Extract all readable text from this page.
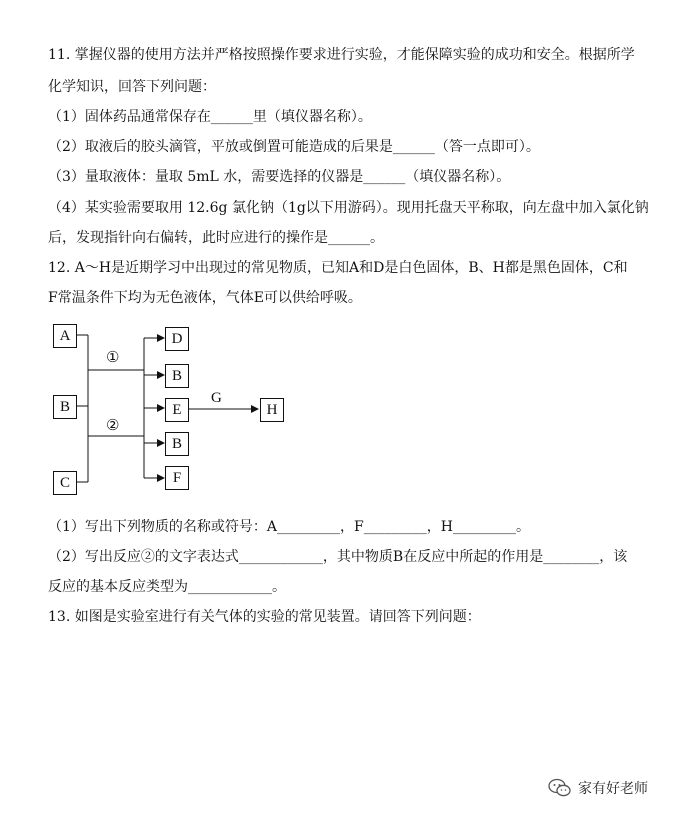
11. 掌握仪器的使用方法并严格按照操作要求进行实验，才能保障实验的成功和安全。根据所学
化学知识，回答下列问题：
（1）固体药品通常保存在______里（填仪器名称）。
（2）取液后的胶头滴管，平放或倒置可能造成的后果是______（答一点即可）。
（3）量取液体：量取 5mL 水，需要选择的仪器是______（填仪器名称）。
（4）某实验需要取用 12.6g 氯化钠（1g以下用游码）。现用托盘天平称取，向左盘中加入氯化钠
后，发现指针向右偏转，此时应进行的操作是______。
12. A～H是近期学习中出现过的常见物质，已知A和D是白色固体，B、H都是黑色固体，C和
F常温条件下均为无色液体，气体E可以供给呼吸。
A
B
C
D
B
E
B
F
H
①
②
G
（1）写出下列物质的名称或符号：A_________，F_________，H_________。
（2）写出反应②的文字表达式____________，其中物质B在反应中所起的作用是________，该
反应的基本反应类型为____________。
13. 如图是实验室进行有关气体的实验的常见装置。请回答下列问题：
家有好老师
